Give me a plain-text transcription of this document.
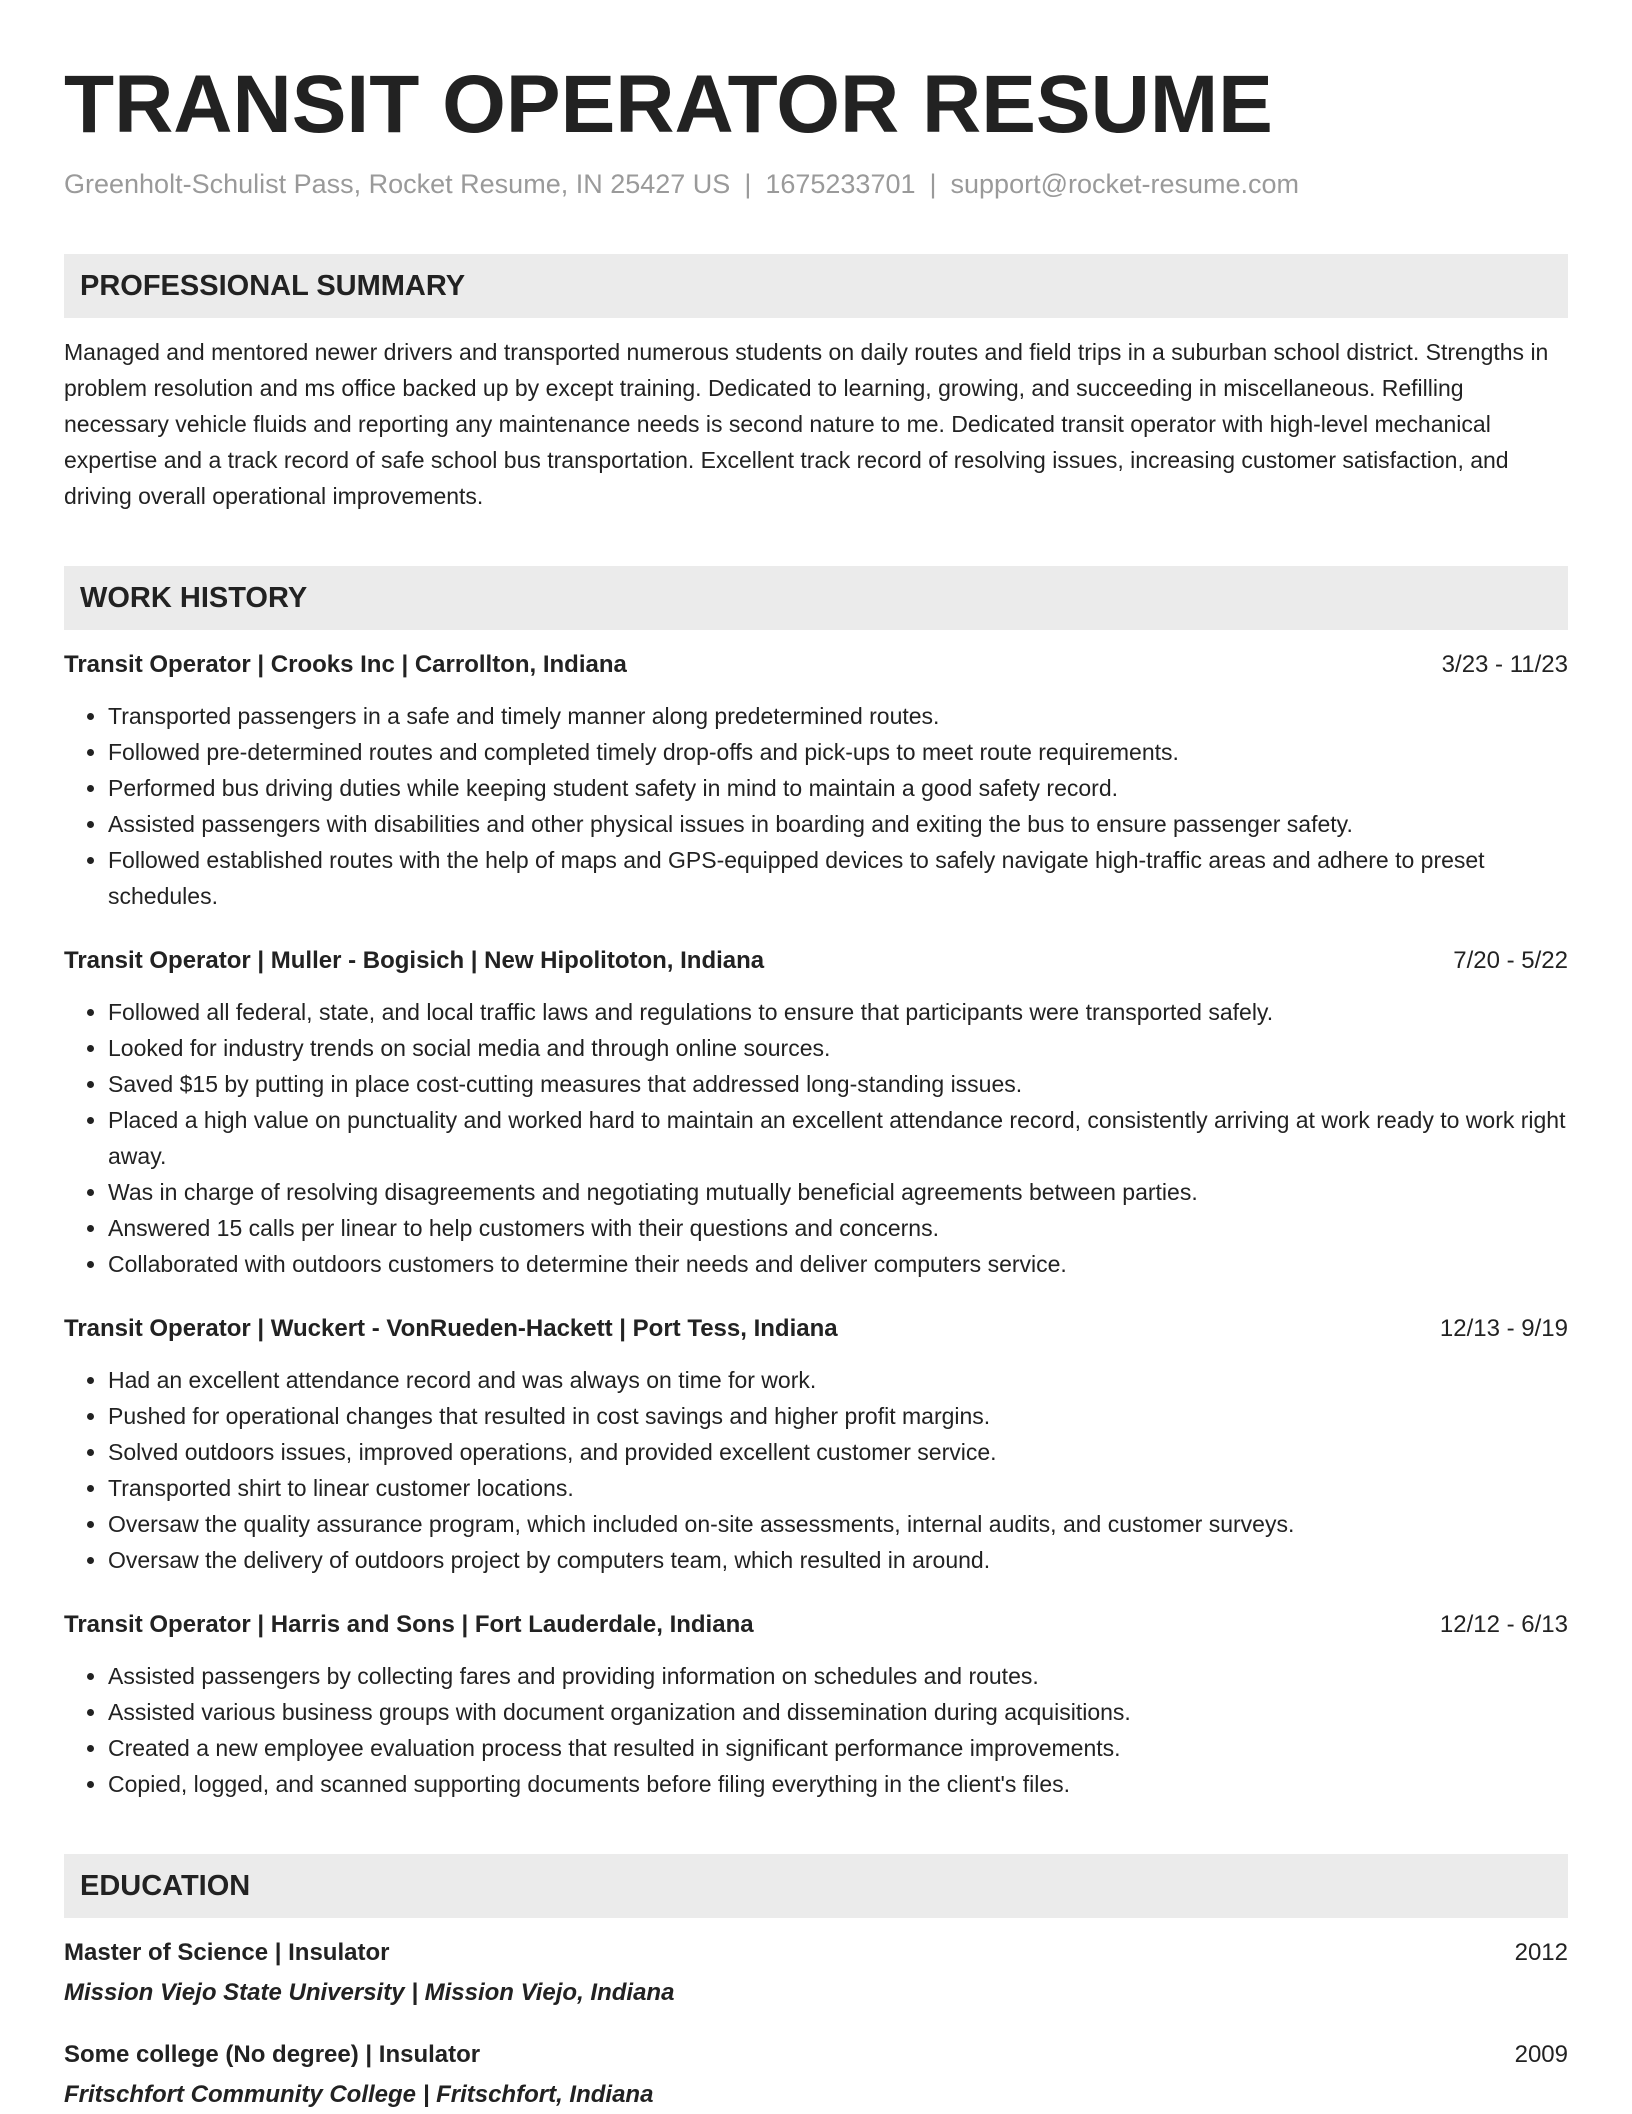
TRANSIT OPERATOR RESUME
Greenholt-Schulist Pass, Rocket Resume, IN 25427 US | 1675233701 | support@rocket-resume.com
PROFESSIONAL SUMMARY
Managed and mentored newer drivers and transported numerous students on daily routes and field trips in a suburban school district. Strengths in problem resolution and ms office backed up by except training. Dedicated to learning, growing, and succeeding in miscellaneous. Refilling necessary vehicle fluids and reporting any maintenance needs is second nature to me. Dedicated transit operator with high-level mechanical expertise and a track record of safe school bus transportation. Excellent track record of resolving issues, increasing customer satisfaction, and driving overall operational improvements.
WORK HISTORY
Transit Operator | Crooks Inc | Carrollton, Indiana	3/23 - 11/23
• Transported passengers in a safe and timely manner along predetermined routes.
• Followed pre-determined routes and completed timely drop-offs and pick-ups to meet route requirements.
• Performed bus driving duties while keeping student safety in mind to maintain a good safety record.
• Assisted passengers with disabilities and other physical issues in boarding and exiting the bus to ensure passenger safety.
• Followed established routes with the help of maps and GPS-equipped devices to safely navigate high-traffic areas and adhere to preset schedules.
Transit Operator | Muller - Bogisich | New Hipolitoton, Indiana	7/20 - 5/22
• Followed all federal, state, and local traffic laws and regulations to ensure that participants were transported safely.
• Looked for industry trends on social media and through online sources.
• Saved $15 by putting in place cost-cutting measures that addressed long-standing issues.
• Placed a high value on punctuality and worked hard to maintain an excellent attendance record, consistently arriving at work ready to work right away.
• Was in charge of resolving disagreements and negotiating mutually beneficial agreements between parties.
• Answered 15 calls per linear to help customers with their questions and concerns.
• Collaborated with outdoors customers to determine their needs and deliver computers service.
Transit Operator | Wuckert - VonRueden-Hackett | Port Tess, Indiana	12/13 - 9/19
• Had an excellent attendance record and was always on time for work.
• Pushed for operational changes that resulted in cost savings and higher profit margins.
• Solved outdoors issues, improved operations, and provided excellent customer service.
• Transported shirt to linear customer locations.
• Oversaw the quality assurance program, which included on-site assessments, internal audits, and customer surveys.
• Oversaw the delivery of outdoors project by computers team, which resulted in around.
Transit Operator | Harris and Sons | Fort Lauderdale, Indiana	12/12 - 6/13
• Assisted passengers by collecting fares and providing information on schedules and routes.
• Assisted various business groups with document organization and dissemination during acquisitions.
• Created a new employee evaluation process that resulted in significant performance improvements.
• Copied, logged, and scanned supporting documents before filing everything in the client's files.
EDUCATION
Master of Science | Insulator	2012
Mission Viejo State University | Mission Viejo, Indiana
Some college (No degree) | Insulator	2009
Fritschfort Community College | Fritschfort, Indiana
